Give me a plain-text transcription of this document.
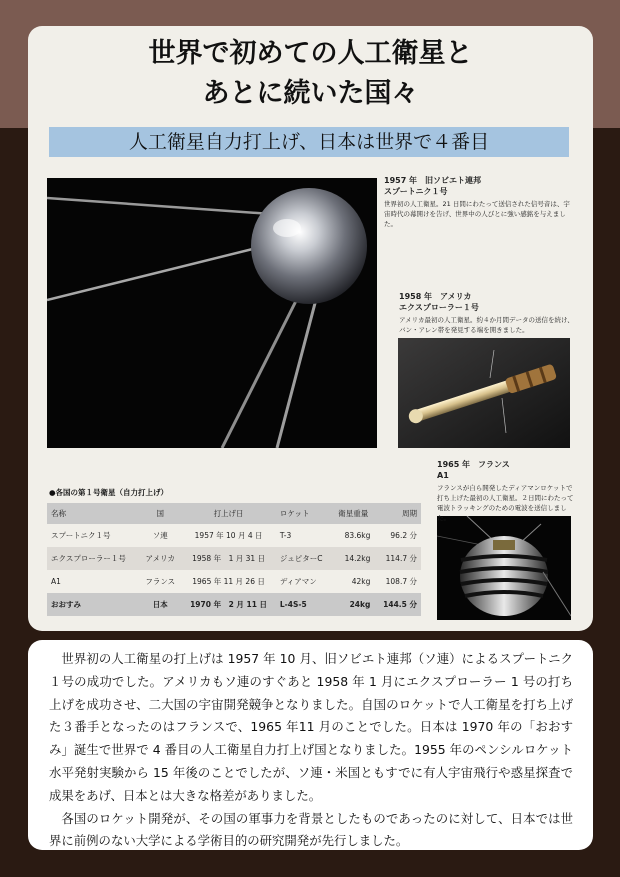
世界で初めての人工衛星と
あとに続いた国々
人工衛星自力打上げ、日本は世界で４番目
1957 年　旧ソビエト連邦
スプートニク１号
世界初の人工衛星。21 日間にわたって送信された信号音は、宇宙時代の幕開けを告げ、世界中の人びとに強い感銘を与えました。
1958 年　アメリカ
エクスプローラー１号
アメリカ最初の人工衛星。約４か月間データの送信を続け、バン・アレン帯を発見する端を開きました。
1965 年　フランス
A1
フランスが自ら開発したディアマンロケットで打ち上げた最初の人工衛星。２日間にわたって電波トラッキングのための電波を送信しました。
●各国の第１号衛星（自力打上げ）
名称	国	打上げ日	ロケット	衛星重量	周期
スプートニク１号	ソ連	1957 年 10 月 4 日	T-3	83.6kg	96.2 分
エクスプローラー１号	アメリカ	1958 年　1 月 31 日	ジュピターC	14.2kg	114.7 分
A1	フランス	1965 年 11 月 26 日	ディアマン	42kg	108.7 分
おおすみ	日本	1970 年　2 月 11 日	L-4S-5	24kg	144.5 分

世界初の人工衛星の打上げは 1957 年 10 月、旧ソビエト連邦（ソ連）によるスプートニク１号の成功でした。アメリカもソ連のすぐあと 1958 年 1 月にエクスプローラー 1 号の打ち上げを成功させ、二大国の宇宙開発競争となりました。自国のロケットで人工衛星を打ち上げた３番手となったのはフランスで、1965 年11 月のことでした。日本は 1970 年の「おおすみ」誕生で世界で 4 番目の人工衛星自力打上げ国となりました。1955 年のペンシルロケット水平発射実験から 15 年後のことでしたが、ソ連・米国ともすでに有人宇宙飛行や惑星探査で成果をあげ、日本とは大きな格差がありました。

各国のロケット開発が、その国の軍事力を背景としたものであったのに対して、日本では世界に前例のない大学による学術目的の研究開発が先行しました。
